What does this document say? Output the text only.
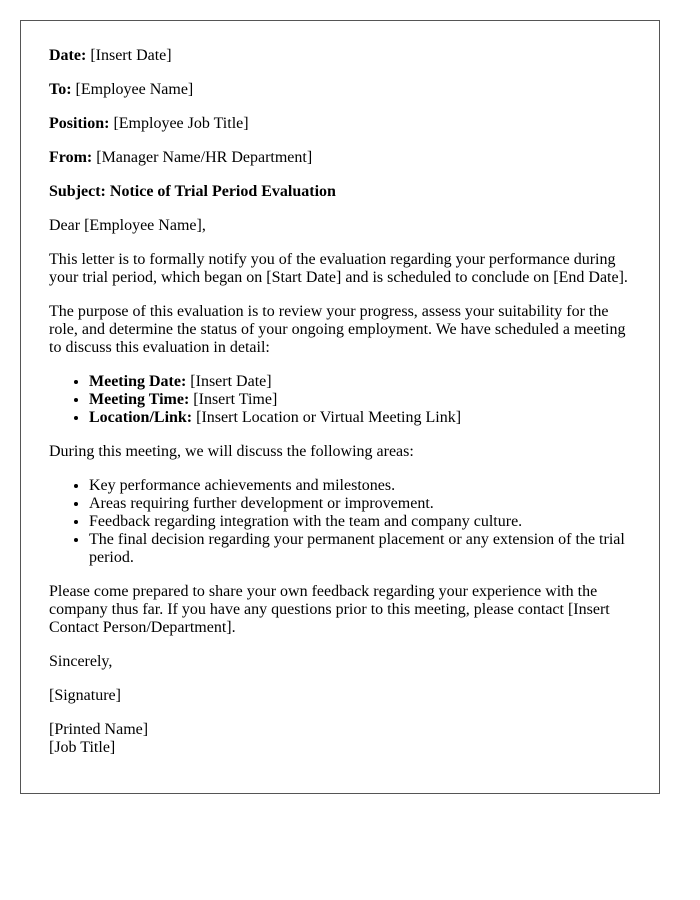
Date: [Insert Date]

To: [Employee Name]

Position: [Employee Job Title]

From: [Manager Name/HR Department]

Subject: Notice of Trial Period Evaluation

Dear [Employee Name],

This letter is to formally notify you of the evaluation regarding your performance during your trial period, which began on [Start Date] and is scheduled to conclude on [End Date].

The purpose of this evaluation is to review your progress, assess your suitability for the role, and determine the status of your ongoing employment. We have scheduled a meeting to discuss this evaluation in detail:

• Meeting Date: [Insert Date]
• Meeting Time: [Insert Time]
• Location/Link: [Insert Location or Virtual Meeting Link]

During this meeting, we will discuss the following areas:

• Key performance achievements and milestones.
• Areas requiring further development or improvement.
• Feedback regarding integration with the team and company culture.
• The final decision regarding your permanent placement or any extension of the trial period.

Please come prepared to share your own feedback regarding your experience with the company thus far. If you have any questions prior to this meeting, please contact [Insert Contact Person/Department].

Sincerely,

[Signature]

[Printed Name]
[Job Title]
